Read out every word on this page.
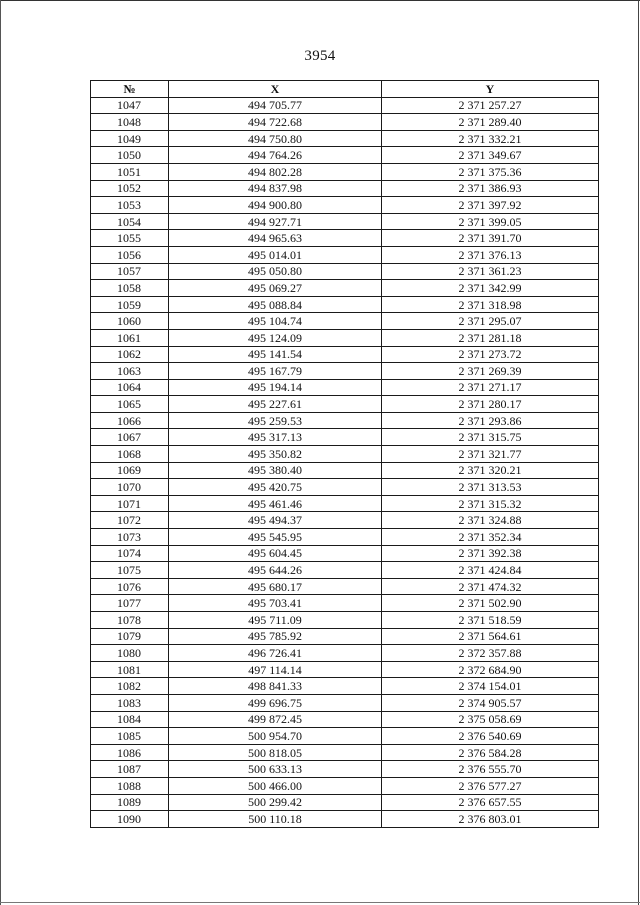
3954
№	X	Y
1047	494 705.77	2 371 257.27
1048	494 722.68	2 371 289.40
1049	494 750.80	2 371 332.21
1050	494 764.26	2 371 349.67
1051	494 802.28	2 371 375.36
1052	494 837.98	2 371 386.93
1053	494 900.80	2 371 397.92
1054	494 927.71	2 371 399.05
1055	494 965.63	2 371 391.70
1056	495 014.01	2 371 376.13
1057	495 050.80	2 371 361.23
1058	495 069.27	2 371 342.99
1059	495 088.84	2 371 318.98
1060	495 104.74	2 371 295.07
1061	495 124.09	2 371 281.18
1062	495 141.54	2 371 273.72
1063	495 167.79	2 371 269.39
1064	495 194.14	2 371 271.17
1065	495 227.61	2 371 280.17
1066	495 259.53	2 371 293.86
1067	495 317.13	2 371 315.75
1068	495 350.82	2 371 321.77
1069	495 380.40	2 371 320.21
1070	495 420.75	2 371 313.53
1071	495 461.46	2 371 315.32
1072	495 494.37	2 371 324.88
1073	495 545.95	2 371 352.34
1074	495 604.45	2 371 392.38
1075	495 644.26	2 371 424.84
1076	495 680.17	2 371 474.32
1077	495 703.41	2 371 502.90
1078	495 711.09	2 371 518.59
1079	495 785.92	2 371 564.61
1080	496 726.41	2 372 357.88
1081	497 114.14	2 372 684.90
1082	498 841.33	2 374 154.01
1083	499 696.75	2 374 905.57
1084	499 872.45	2 375 058.69
1085	500 954.70	2 376 540.69
1086	500 818.05	2 376 584.28
1087	500 633.13	2 376 555.70
1088	500 466.00	2 376 577.27
1089	500 299.42	2 376 657.55
1090	500 110.18	2 376 803.01
